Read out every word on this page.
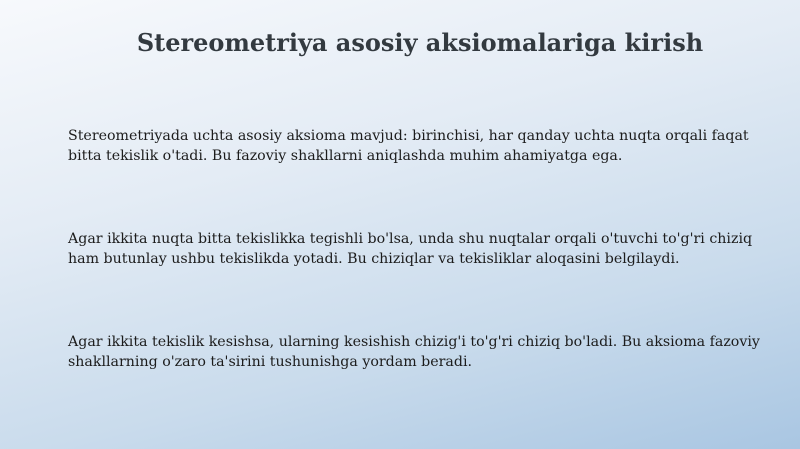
Stereometriya asosiy aksiomalariga kirish

Stereometriyada uchta asosiy aksioma mavjud: birinchisi, har qanday uchta nuqta orqali faqat bitta tekislik o'tadi. Bu fazoviy shakllarni aniqlashda muhim ahamiyatga ega.

Agar ikkita nuqta bitta tekislikka tegishli bo'lsa, unda shu nuqtalar orqali o'tuvchi to'g'ri chiziq ham butunlay ushbu tekislikda yotadi. Bu chiziqlar va tekisliklar aloqasini belgilaydi.

Agar ikkita tekislik kesishsa, ularning kesishish chizig'i to'g'ri chiziq bo'ladi. Bu aksioma fazoviy shakllarning o'zaro ta'sirini tushunishga yordam beradi.
